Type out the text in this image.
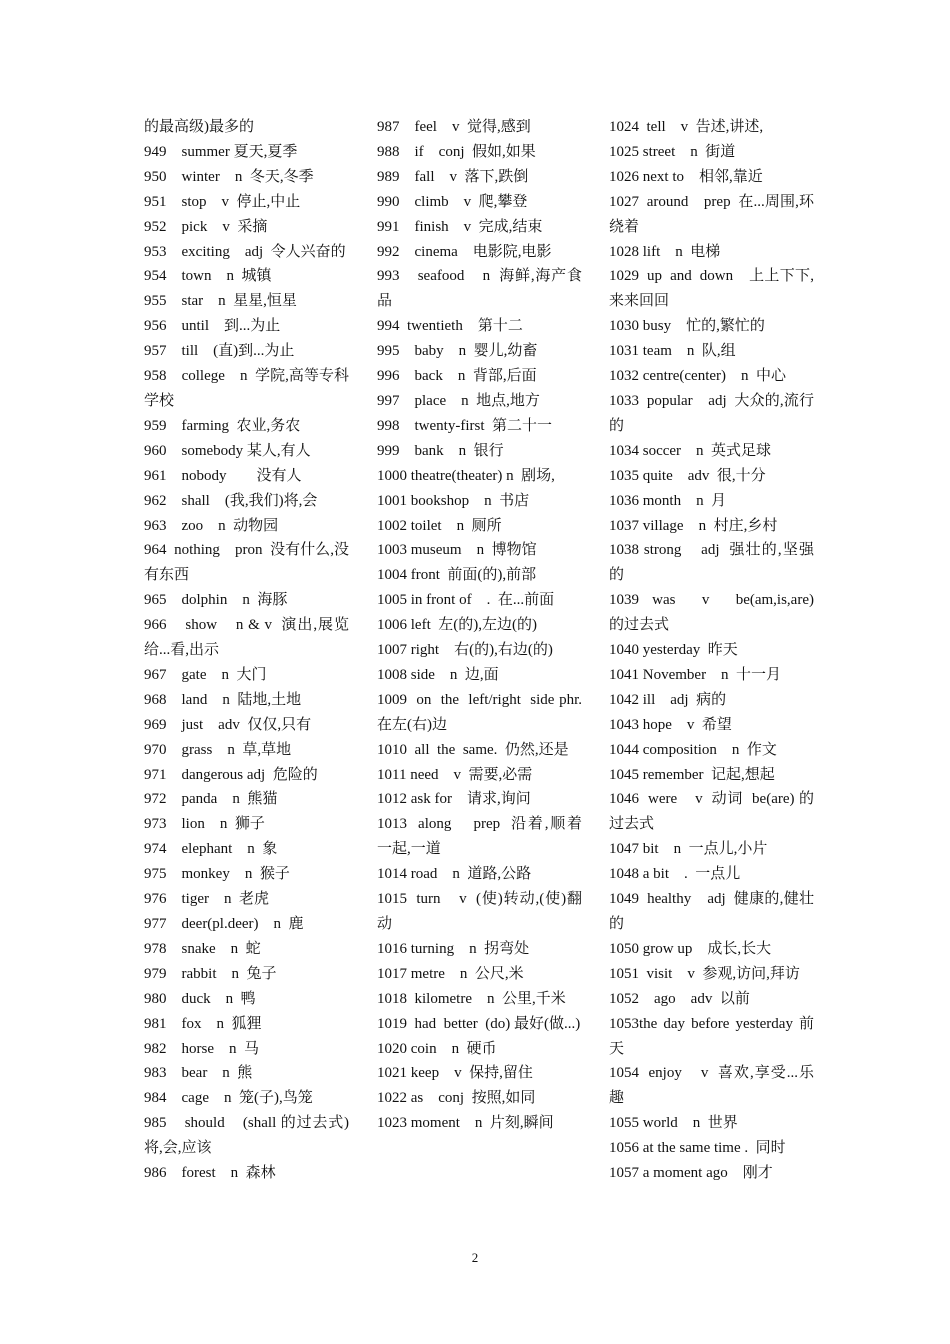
的最高级)最多的
949    summer 夏天,夏季
950    winter    n  冬天,冬季
951    stop    v  停止,中止
952    pick    v  采摘
953    exciting    adj  令人兴奋的
954    town    n  城镇
955    star    n  星星,恒星
956    until    到...为止
957    till    (直)到...为止
958    college    n  学院,高等专科学校
959    farming  农业,务农
960    somebody 某人,有人
961    nobody        没有人
962    shall    (我,我们)将,会
963    zoo    n  动物园
964  nothing    pron  没有什么,没有东西
965    dolphin    n  海豚
966    show    n & v  演出,展览    给...看,出示
967    gate    n  大门
968    land    n  陆地,土地
969    just    adv  仅仅,只有
970    grass    n  草,草地
971    dangerous adj  危险的
972    panda    n  熊猫
973    lion    n  狮子
974    elephant    n  象
975    monkey    n  猴子
976    tiger    n  老虎
977    deer(pl.deer)    n  鹿
978    snake    n  蛇
979    rabbit    n  兔子
980    duck    n  鸭
981    fox    n  狐狸
982    horse    n  马
983    bear    n  熊
984    cage    n  笼(子),鸟笼
985    should    (shall 的过去式)将,会,应该
986    forest    n  森林
987    feel    v  觉得,感到
988    if    conj  假如,如果
989    fall    v  落下,跌倒
990    climb    v  爬,攀登
991    finish    v  完成,结束
992    cinema    电影院,电影
993    seafood    n  海鲜,海产食品
994  twentieth    第十二
995    baby    n  婴儿,幼畜
996    back    n  背部,后面
997    place    n  地点,地方
998    twenty-first  第二十一
999    bank    n  银行
1000 theatre(theater) n  剧场,
1001 bookshop    n  书店
1002 toilet    n  厕所
1003 museum    n  博物馆
1004 front  前面(的),前部
1005 in front of    .  在...前面
1006 left  左(的),左边(的)
1007 right    右(的),右边(的)
1008 side    n  边,面
1009  on  the  left/right  side phr.  在左(右)边
1010  all  the  same.  仍然,还是
1011 need    v  需要,必需
1012 ask for    请求,询问
1013  along    prep  沿着,顺着      一起,一道
1014 road    n  道路,公路
1015  turn    v  (使)转动,(使)翻动
1016 turning    n  拐弯处
1017 metre    n  公尺,米
1018  kilometre    n  公里,千米
1019  had  better  (do) 最好(做...)
1020 coin    n  硬币
1021 keep    v  保持,留住
1022 as    conj  按照,如同
1023 moment    n  片刻,瞬间
1024  tell    v  告述,讲述,
1025 street    n  街道
1026 next to    相邻,靠近
1027  around    prep  在...周围,环绕着
1028 lift    n  电梯
1029  up  and  down    上上下下,来来回回
1030 busy    忙的,繁忙的
1031 team    n  队,组
1032 centre(center)    n  中心
1033  popular    adj  大众的,流行的
1034 soccer    n  英式足球
1035 quite    adv  很,十分
1036 month    n  月
1037 village    n  村庄,乡村
1038 strong    adj  强壮的,坚强的
1039  was    v    be(am,is,are)          的过去式
1040 yesterday  昨天
1041 November    n  十一月
1042 ill    adj  病的
1043 hope    v  希望
1044 composition    n  作文
1045 remember  记起,想起
1046  were    v  动词  be(are) 的过去式
1047 bit    n  一点儿,小片
1048 a bit    .  一点儿
1049  healthy    adj  健康的,健壮的
1050 grow up    成长,长大
1051  visit    v  参观,访问,拜访
1052    ago    adv  以前
1053the day before yesterday 前天
1054  enjoy    v  喜欢,享受...乐趣
1055 world    n  世界
1056 at the same time .  同时
1057 a moment ago    刚才
2
